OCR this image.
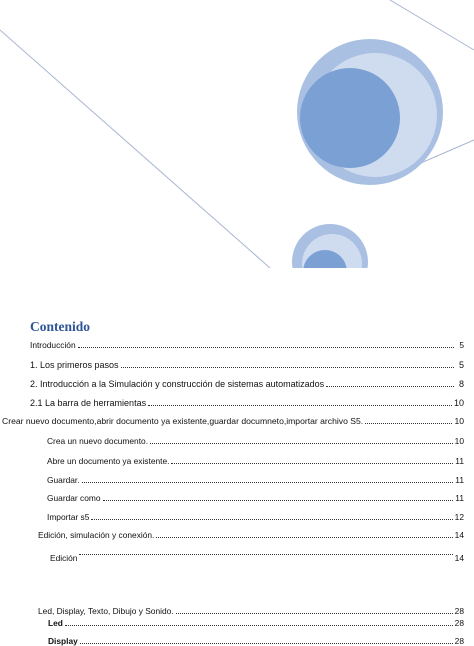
Contenido
Introducción	5
1. Los primeros pasos	5
2. Introducción a la Simulación y construcción de sistemas automatizados	8
2.1 La barra de herramientas	10
Crear nuevo documento,abrir documento ya existente,guardar documneto,importar archivo S5.	10
Crea un nuevo documento.	10
Abre un documento ya existente.	11
Guardar.	11
Guardar como	11
Importar s5	12
Edición, simulación y conexión.	14
Edición	14
Led, Display, Texto, Dibujo y Sonido.	28
Led	28
Display	28
